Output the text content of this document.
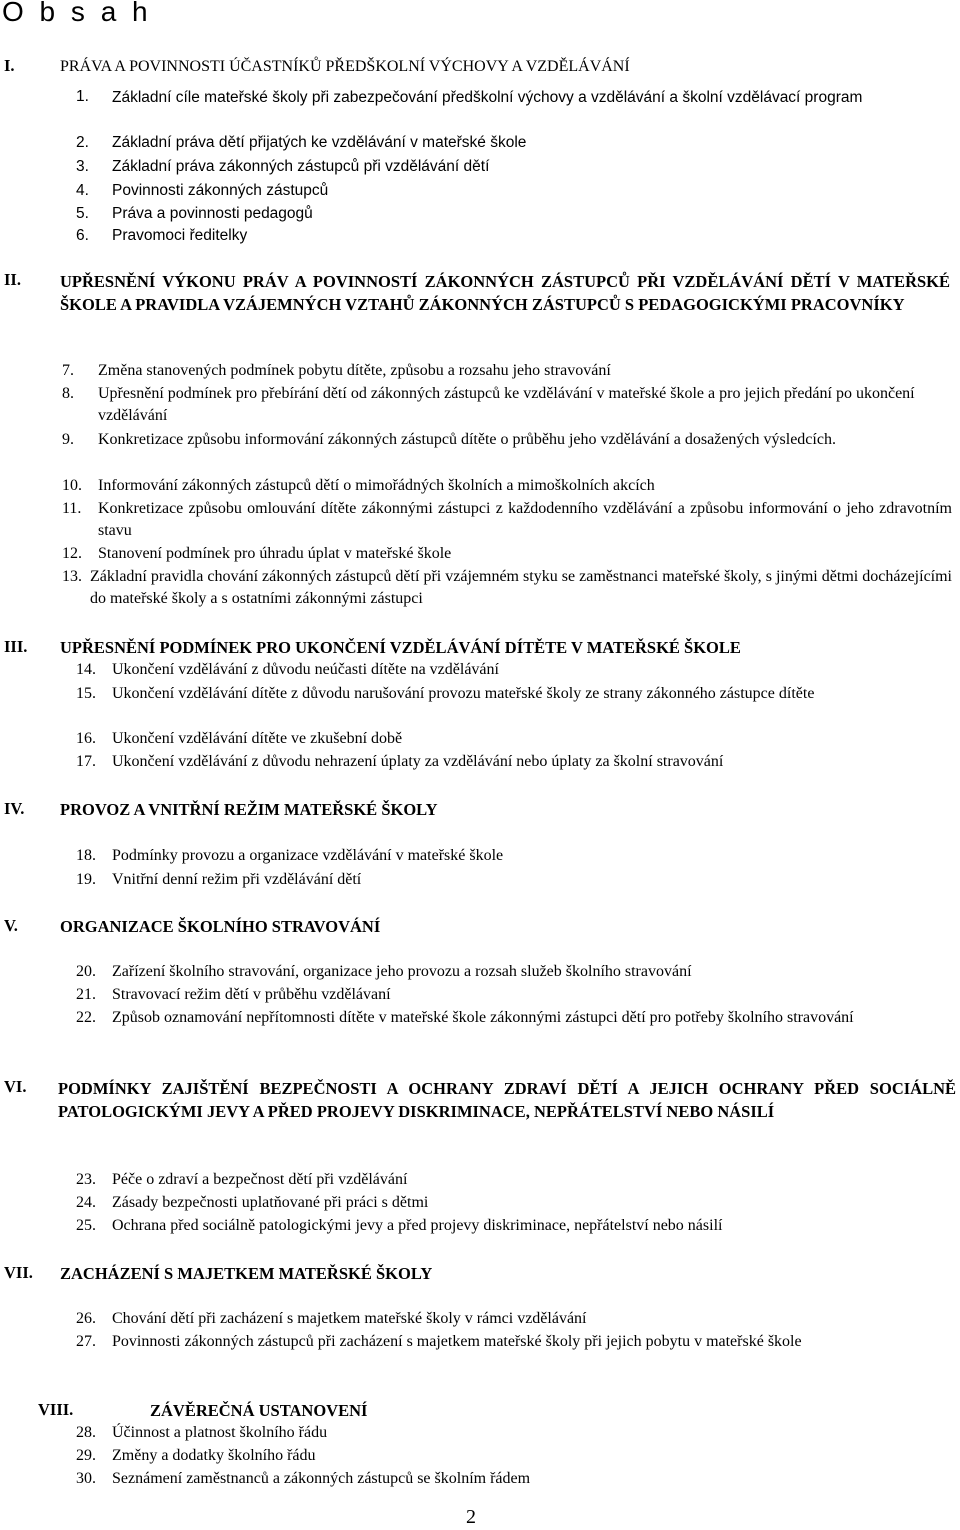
O b s a h
I.	PRÁVA A POVINNOSTI ÚČASTNÍKŮ PŘEDŠKOLNÍ VÝCHOVY A VZDĚLÁVÁNÍ
1. Základní cíle mateřské školy při zabezpečování předškolní výchovy a vzdělávání a školní vzdělávací program
2. Základní práva dětí přijatých ke vzdělávání v mateřské škole
3. Základní práva zákonných zástupců při vzdělávání dětí
4. Povinnosti zákonných zástupců
5. Práva a povinnosti pedagogů
6. Pravomoci ředitelky
II. UPŘESNĚNÍ VÝKONU PRÁV A POVINNOSTÍ ZÁKONNÝCH ZÁSTUPCŮ PŘI VZDĚLÁVÁNÍ DĚTÍ V MATEŘSKÉ ŠKOLE A PRAVIDLA VZÁJEMNÝCH VZTAHŮ ZÁKONNÝCH ZÁSTUPCŮ S PEDAGOGICKÝMI PRACOVNÍKY
7. Změna stanovených podmínek pobytu dítěte, způsobu a rozsahu jeho stravování
8. Upřesnění podmínek pro přebírání dětí od zákonných zástupců ke vzdělávání v mateřské škole a pro jejich předání po ukončení vzdělávání
9. Konkretizace způsobu informování zákonných zástupců dítěte o průběhu jeho vzdělávání a dosažených výsledcích.
10. Informování zákonných zástupců dětí o mimořádných školních a mimoškolních akcích
11. Konkretizace způsobu omlouvání dítěte zákonnými zástupci z každodenního vzdělávání a způsobu informování o jeho zdravotním stavu
12. Stanovení podmínek pro úhradu úplat v mateřské škole
13. Základní pravidla chování zákonných zástupců dětí při vzájemném styku se zaměstnanci mateřské školy, s jinými dětmi docházejícími do mateřské školy a s ostatními zákonnými zástupci
III. UPŘESNĚNÍ PODMÍNEK PRO UKONČENÍ VZDĚLÁVÁNÍ DÍTĚTE V MATEŘSKÉ ŠKOLE
14. Ukončení vzdělávání z důvodu neúčasti dítěte na vzdělávání
15. Ukončení vzdělávání dítěte z důvodu narušování provozu mateřské školy ze strany zákonného zástupce dítěte
16. Ukončení vzdělávání dítěte ve zkušební době
17. Ukončení vzdělávání z důvodu nehrazení úplaty za vzdělávání nebo úplaty za školní stravování
IV. PROVOZ A VNITŘNÍ REŽIM MATEŘSKÉ ŠKOLY
18. Podmínky provozu a organizace vzdělávání v mateřské škole
19. Vnitřní denní režim při vzdělávání dětí
V.	ORGANIZACE ŠKOLNÍHO STRAVOVÁNÍ
20. Zařízení školního stravování, organizace jeho provozu a rozsah služeb školního stravování
21. Stravovací režim dětí v průběhu vzdělávaní
22. Způsob oznamování nepřítomnosti dítěte v mateřské škole zákonnými zástupci dětí pro potřeby školního stravování
VI. PODMÍNKY ZAJIŠTĚNÍ BEZPEČNOSTI A OCHRANY ZDRAVÍ DĚTÍ A JEJICH OCHRANY PŘED SOCIÁLNĚ PATOLOGICKÝMI JEVY A PŘED PROJEVY DISKRIMINACE, NEPŘÁTELSTVÍ NEBO NÁSILÍ
23. Péče o zdraví a bezpečnost dětí při vzdělávání
24. Zásady bezpečnosti uplatňované při práci s dětmi
25. Ochrana před sociálně patologickými jevy a před projevy diskriminace, nepřátelství nebo násilí
VII. ZACHÁZENÍ S MAJETKEM MATEŘSKÉ ŠKOLY
26. Chování dětí při zacházení s majetkem mateřské školy v rámci vzdělávání
27. Povinnosti zákonných zástupců při zacházení s majetkem mateřské školy při jejich pobytu v mateřské škole
VIII.	ZÁVĚREČNÁ USTANOVENÍ
28. Účinnost a platnost školního řádu
29. Změny a dodatky školního řádu
30. Seznámení zaměstnanců a zákonných zástupců se školním řádem
2
